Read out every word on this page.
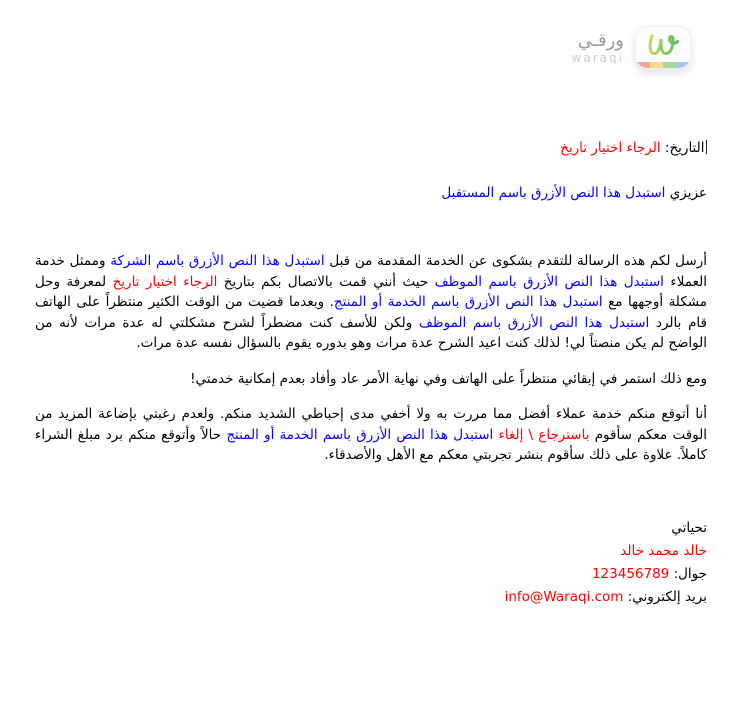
ورقـي
waraqi
التاريخ: الرجاء اختيار تاريخ
عزيزي استبدل هذا النص الأزرق باسم المستقبل

أرسل لكم هذه الرسالة للتقدم بشكوى عن الخدمة المقدمة من قبل استبدل هذا النص الأزرق باسم الشركة وممثل خدمة العملاء استبدل هذا النص الأزرق باسم الموظف حيث أنني قمت بالاتصال بكم بتاريخ الرجاء اختيار تاريخ لمعرفة وحل مشكلة أوجهها مع استبدل هذا النص الأزرق باسم الخدمة أو المنتج. وبعدما قضيت من الوقت الكثير منتظراً على الهاتف قام بالرد استبدل هذا النص الأزرق باسم الموظف ولكن للأسف كنت مضطراً لشرح مشكلتي له عدة مرات لأنه من الواضح لم يكن منصتاً لي! لذلك كنت اعيد الشرح عدة مرات وهو بدوره يقوم بالسؤال نفسه عدة مرات.

ومع ذلك استمر في إبقائي منتظراً على الهاتف وفي نهاية الأمر عاد وأفاد بعدم إمكانية خدمتي!

أنا أتوقع منكم خدمة عملاء أفضل مما مررت به ولا أخفي مدى إحباطي الشديد منكم. ولعدم رغبتي بإضاعة المزيد من الوقت معكم سأقوم باسترجاع \ إلغاء استبدل هذا النص الأزرق باسم الخدمة أو المنتج حالاً وأتوقع منكم برد مبلغ الشراء كاملاً. علاوة على ذلك سأقوم بنشر تجربتي معكم مع الأهل والأصدقاء.

تحياتي
خالد محمد خالد
جوال: 123456789
بريد إلكتروني: info@Waraqi.com
